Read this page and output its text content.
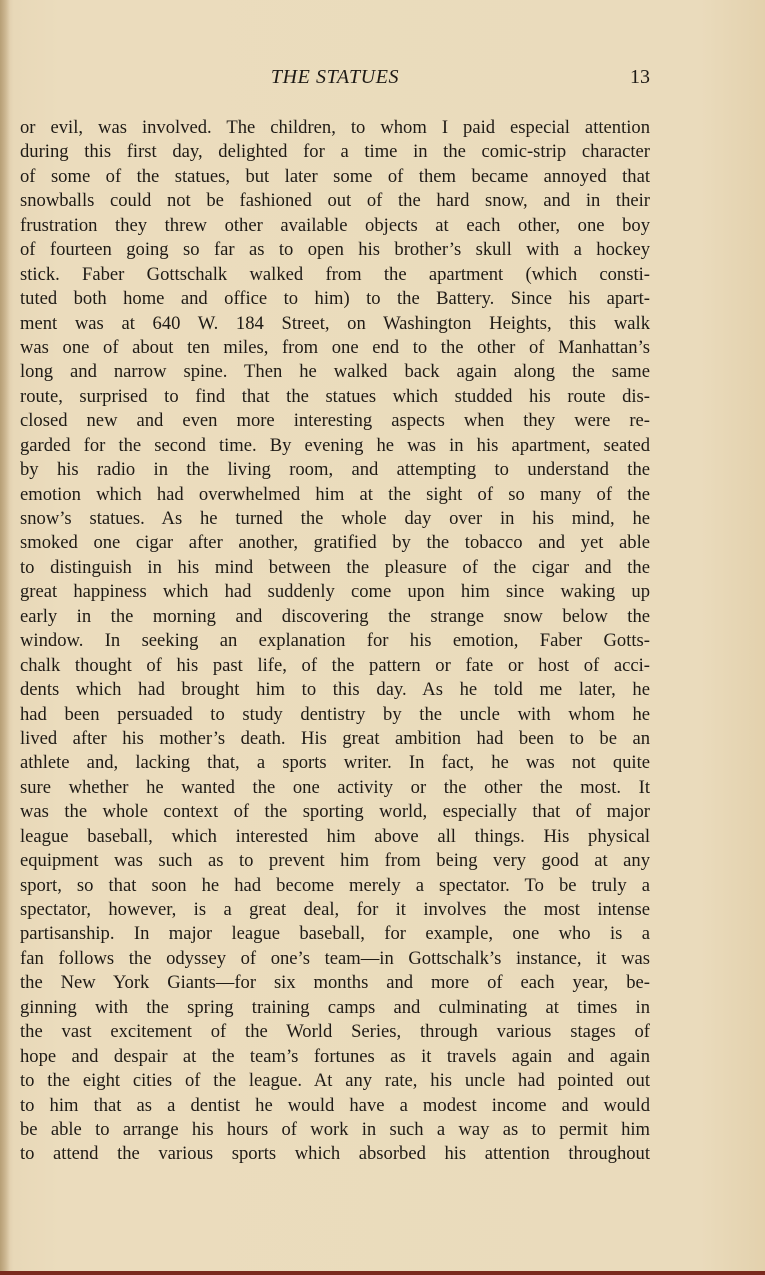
THE STATUES	13
or evil, was involved. The children, to whom I paid especial attention
during this first day, delighted for a time in the comic-strip character
of some of the statues, but later some of them became annoyed that
snowballs could not be fashioned out of the hard snow, and in their
frustration they threw other available objects at each other, one boy
of fourteen going so far as to open his brother’s skull with a hockey
stick. Faber Gottschalk walked from the apartment (which consti-
tuted both home and office to him) to the Battery. Since his apart-
ment was at 640 W. 184 Street, on Washington Heights, this walk
was one of about ten miles, from one end to the other of Manhattan’s
long and narrow spine. Then he walked back again along the same
route, surprised to find that the statues which studded his route dis-
closed new and even more interesting aspects when they were re-
garded for the second time. By evening he was in his apartment, seated
by his radio in the living room, and attempting to understand the
emotion which had overwhelmed him at the sight of so many of the
snow’s statues. As he turned the whole day over in his mind, he
smoked one cigar after another, gratified by the tobacco and yet able
to distinguish in his mind between the pleasure of the cigar and the
great happiness which had suddenly come upon him since waking up
early in the morning and discovering the strange snow below the
window. In seeking an explanation for his emotion, Faber Gotts-
chalk thought of his past life, of the pattern or fate or host of acci-
dents which had brought him to this day. As he told me later, he
had been persuaded to study dentistry by the uncle with whom he
lived after his mother’s death. His great ambition had been to be an
athlete and, lacking that, a sports writer. In fact, he was not quite
sure whether he wanted the one activity or the other the most. It
was the whole context of the sporting world, especially that of major
league baseball, which interested him above all things. His physical
equipment was such as to prevent him from being very good at any
sport, so that soon he had become merely a spectator. To be truly a
spectator, however, is a great deal, for it involves the most intense
partisanship. In major league baseball, for example, one who is a
fan follows the odyssey of one’s team—in Gottschalk’s instance, it was
the New York Giants—for six months and more of each year, be-
ginning with the spring training camps and culminating at times in
the vast excitement of the World Series, through various stages of
hope and despair at the team’s fortunes as it travels again and again
to the eight cities of the league. At any rate, his uncle had pointed out
to him that as a dentist he would have a modest income and would
be able to arrange his hours of work in such a way as to permit him
to attend the various sports which absorbed his attention throughout
